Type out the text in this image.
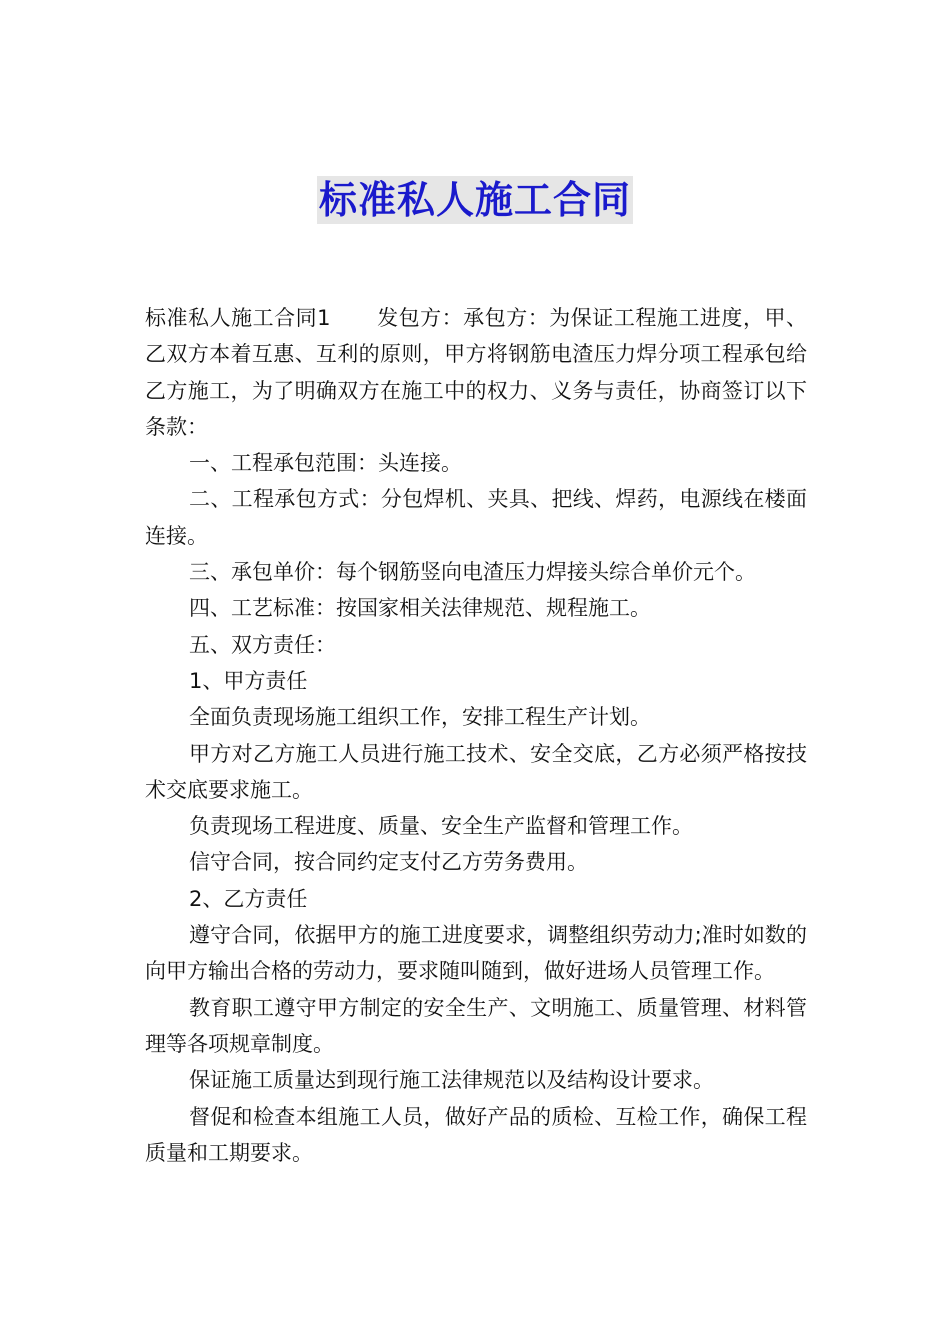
标准私人施工合同

标准私人施工合同1 发包方：承包方：为保证工程施工进度，甲、乙双方本着互惠、互利的原则，甲方将钢筋电渣压力焊分项工程承包给乙方施工，为了明确双方在施工中的权力、义务与责任，协商签订以下条款：

一、工程承包范围：头连接。

二、工程承包方式：分包焊机、夹具、把线、焊药，电源线在楼面连接。

三、承包单价：每个钢筋竖向电渣压力焊接头综合单价元个。

四、工艺标准：按国家相关法律规范、规程施工。

五、双方责任：

1、甲方责任

全面负责现场施工组织工作，安排工程生产计划。

甲方对乙方施工人员进行施工技术、安全交底，乙方必须严格按技术交底要求施工。

负责现场工程进度、质量、安全生产监督和管理工作。

信守合同，按合同约定支付乙方劳务费用。

2、乙方责任

遵守合同，依据甲方的施工进度要求，调整组织劳动力;准时如数的向甲方输出合格的劳动力，要求随叫随到，做好进场人员管理工作。

教育职工遵守甲方制定的安全生产、文明施工、质量管理、材料管理等各项规章制度。

保证施工质量达到现行施工法律规范以及结构设计要求。

督促和检查本组施工人员，做好产品的质检、互检工作，确保工程质量和工期要求。
